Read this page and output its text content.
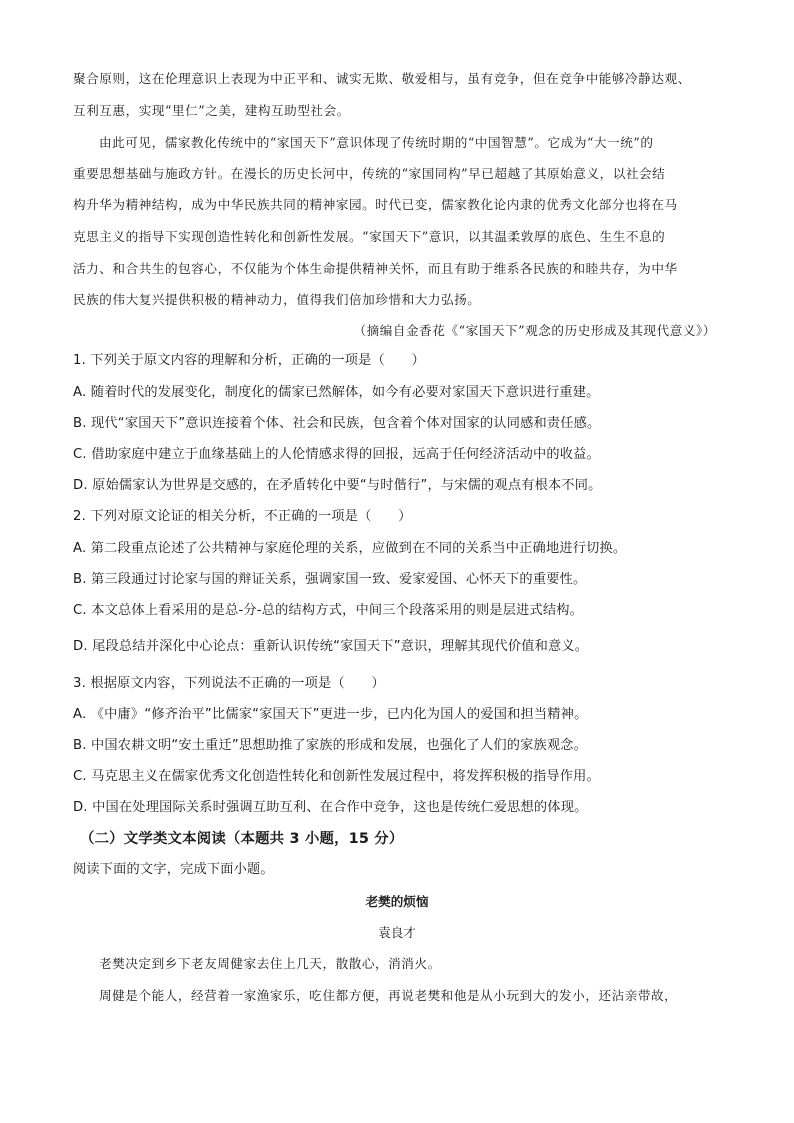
聚合原则，这在伦理意识上表现为中正平和、诚实无欺、敬爱相与，虽有竞争，但在竞争中能够冷静达观、
互利互惠，实现“里仁”之美，建构互助型社会。
由此可见，儒家教化传统中的“家国天下”意识体现了传统时期的“中国智慧”。它成为“大一统”的
重要思想基础与施政方针。在漫长的历史长河中，传统的“家国同构”早已超越了其原始意义，以社会结
构升华为精神结构，成为中华民族共同的精神家园。时代已变，儒家教化论内隶的优秀文化部分也将在马
克思主义的指导下实现创造性转化和创新性发展。“家国天下”意识，以其温柔敦厚的底色、生生不息的
活力、和合共生的包容心，不仅能为个体生命提供精神关怀，而且有助于维系各民族的和睦共存，为中华
民族的伟大复兴提供积极的精神动力，值得我们倍加珍惜和大力弘扬。
（摘编自金香花《“家国天下”观念的历史形成及其现代意义》）
1. 下列关于原文内容的理解和分析，正确的一项是（　　）
A. 随着时代的发展变化，制度化的儒家已然解体，如今有必要对家国天下意识进行重建。
B. 现代“家国天下”意识连接着个体、社会和民族，包含着个体对国家的认同感和责任感。
C. 借助家庭中建立于血缘基础上的人伦情感求得的回报，远高于任何经济活动中的收益。
D. 原始儒家认为世界是交感的，在矛盾转化中要“与时偕行”，与宋儒的观点有根本不同。
2. 下列对原文论证的相关分析，不正确的一项是（　　）
A. 第二段重点论述了公共精神与家庭伦理的关系，应做到在不同的关系当中正确地进行切换。
B. 第三段通过讨论家与国的辩证关系，强调家国一致、爱家爱国、心怀天下的重要性。
C. 本文总体上看采用的是总-分-总的结构方式，中间三个段落采用的则是层进式结构。
D. 尾段总结并深化中心论点：重新认识传统“家国天下”意识，理解其现代价值和意义。
3. 根据原文内容，下列说法不正确的一项是（　　）
A. 《中庸》“修齐治平”比儒家“家国天下”更进一步，已内化为国人的爱国和担当精神。
B. 中国农耕文明“安土重迁”思想助推了家族的形成和发展，也强化了人们的家族观念。
C. 马克思主义在儒家优秀文化创造性转化和创新性发展过程中，将发挥积极的指导作用。
D. 中国在处理国际关系时强调互助互利、在合作中竞争，这也是传统仁爱思想的体现。
（二）文学类文本阅读（本题共 3 小题，15 分）
阅读下面的文字，完成下面小题。
老樊的烦恼
袁良才
老樊决定到乡下老友周健家去住上几天，散散心，消消火。
周健是个能人，经营着一家渔家乐，吃住都方便，再说老樊和他是从小玩到大的发小，还沾亲带故，
